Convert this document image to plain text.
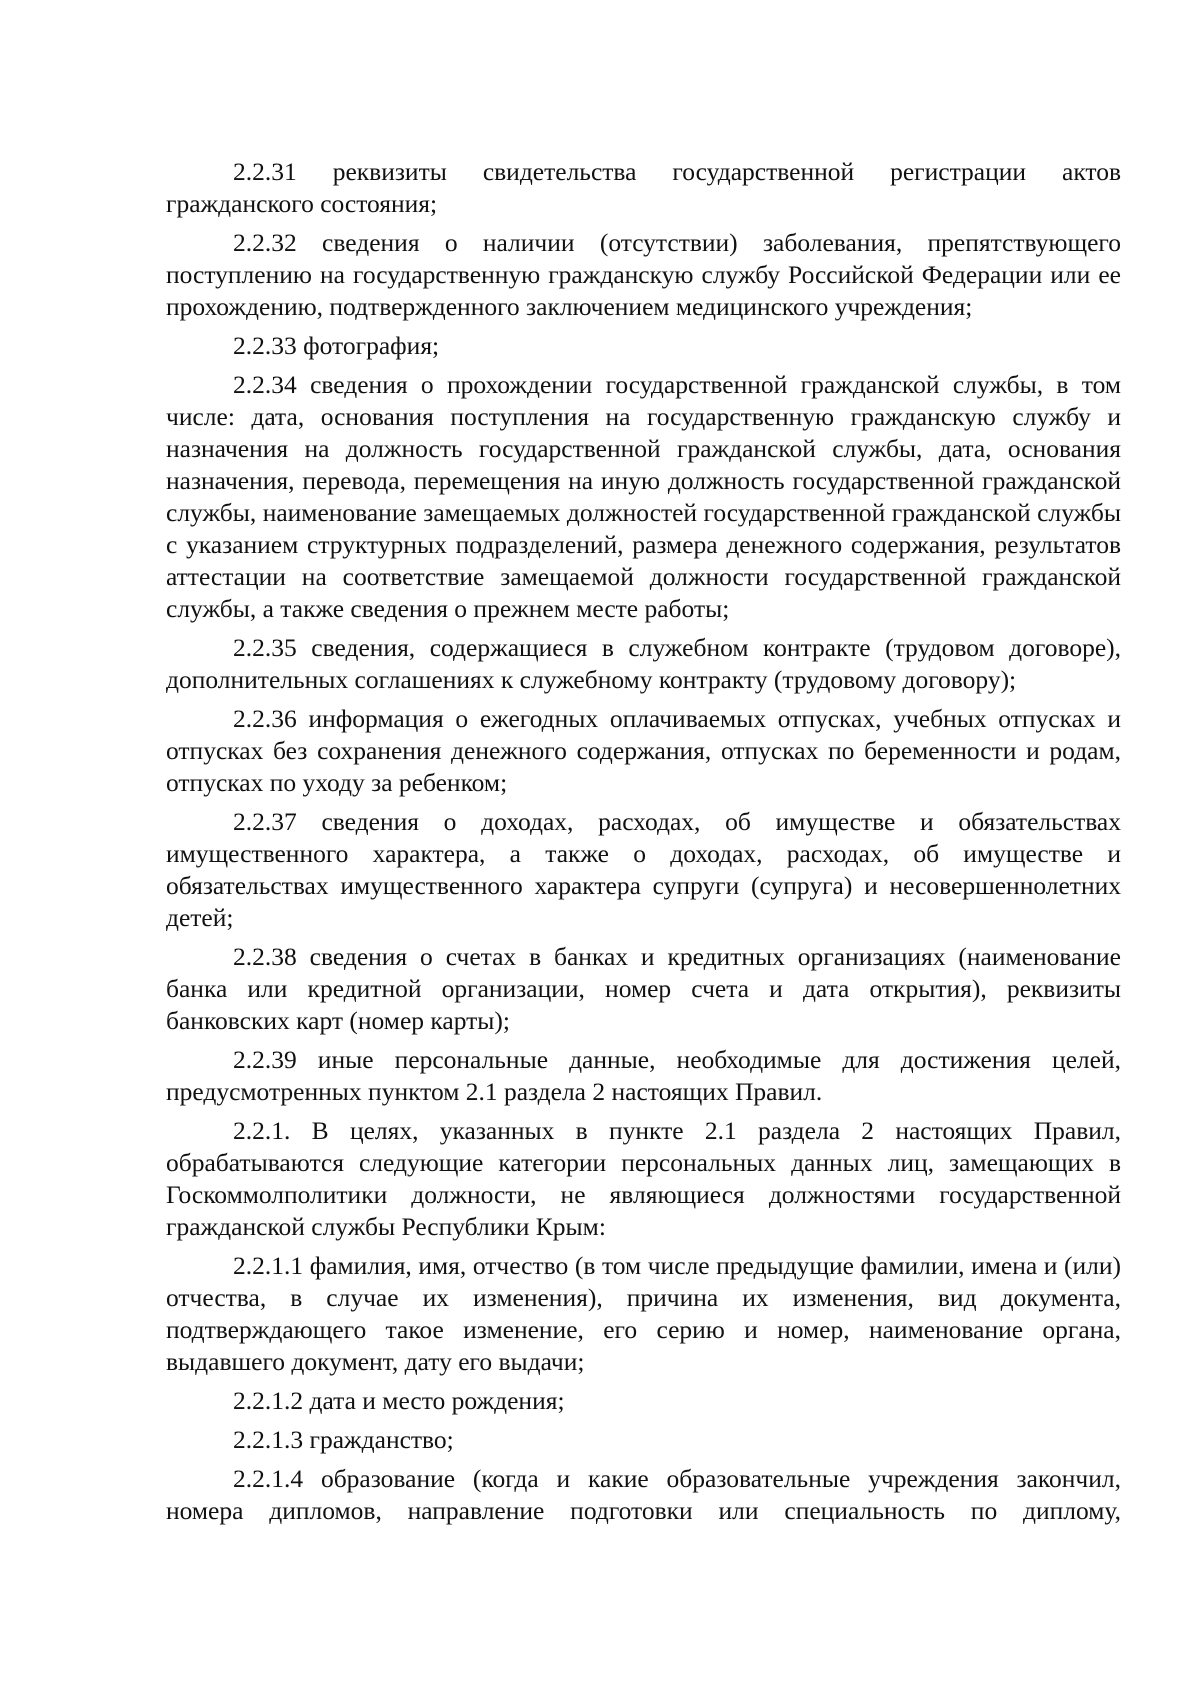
2.2.31 реквизиты свидетельства государственной регистрации актов гражданского состояния;

2.2.32 сведения о наличии (отсутствии) заболевания, препятствующего поступлению на государственную гражданскую службу Российской Федерации или ее прохождению, подтвержденного заключением медицинского учреждения;

2.2.33 фотография;

2.2.34 сведения о прохождении государственной гражданской службы, в том числе: дата, основания поступления на государственную гражданскую службу и назначения на должность государственной гражданской службы, дата, основания назначения, перевода, перемещения на иную должность государственной гражданской службы, наименование замещаемых должностей государственной гражданской службы с указанием структурных подразделений, размера денежного содержания, результатов аттестации на соответствие замещаемой должности государственной гражданской службы, а также сведения о прежнем месте работы;

2.2.35 сведения, содержащиеся в служебном контракте (трудовом договоре), дополнительных соглашениях к служебному контракту (трудовому договору);

2.2.36 информация о ежегодных оплачиваемых отпусках, учебных отпусках и отпусках без сохранения денежного содержания, отпусках по беременности и родам, отпусках по уходу за ребенком;

2.2.37 сведения о доходах, расходах, об имуществе и обязательствах имущественного характера, а также о доходах, расходах, об имуществе и обязательствах имущественного характера супруги (супруга) и несовершеннолетних детей;

2.2.38 сведения о счетах в банках и кредитных организациях (наименование банка или кредитной организации, номер счета и дата открытия), реквизиты банковских карт (номер карты);

2.2.39 иные персональные данные, необходимые для достижения целей, предусмотренных пунктом 2.1 раздела 2 настоящих Правил.

2.2.1. В целях, указанных в пункте 2.1 раздела 2 настоящих Правил, обрабатываются следующие категории персональных данных лиц, замещающих в Госкоммолполитики должности, не являющиеся должностями государственной гражданской службы Республики Крым:

2.2.1.1 фамилия, имя, отчество (в том числе предыдущие фамилии, имена и (или) отчества, в случае их изменения), причина их изменения, вид документа, подтверждающего такое изменение, его серию и номер, наименование органа, выдавшего документ, дату его выдачи;

2.2.1.2 дата и место рождения;

2.2.1.3 гражданство;

2.2.1.4 образование (когда и какие образовательные учреждения закончил, номера дипломов, направление подготовки или специальность по диплому,
